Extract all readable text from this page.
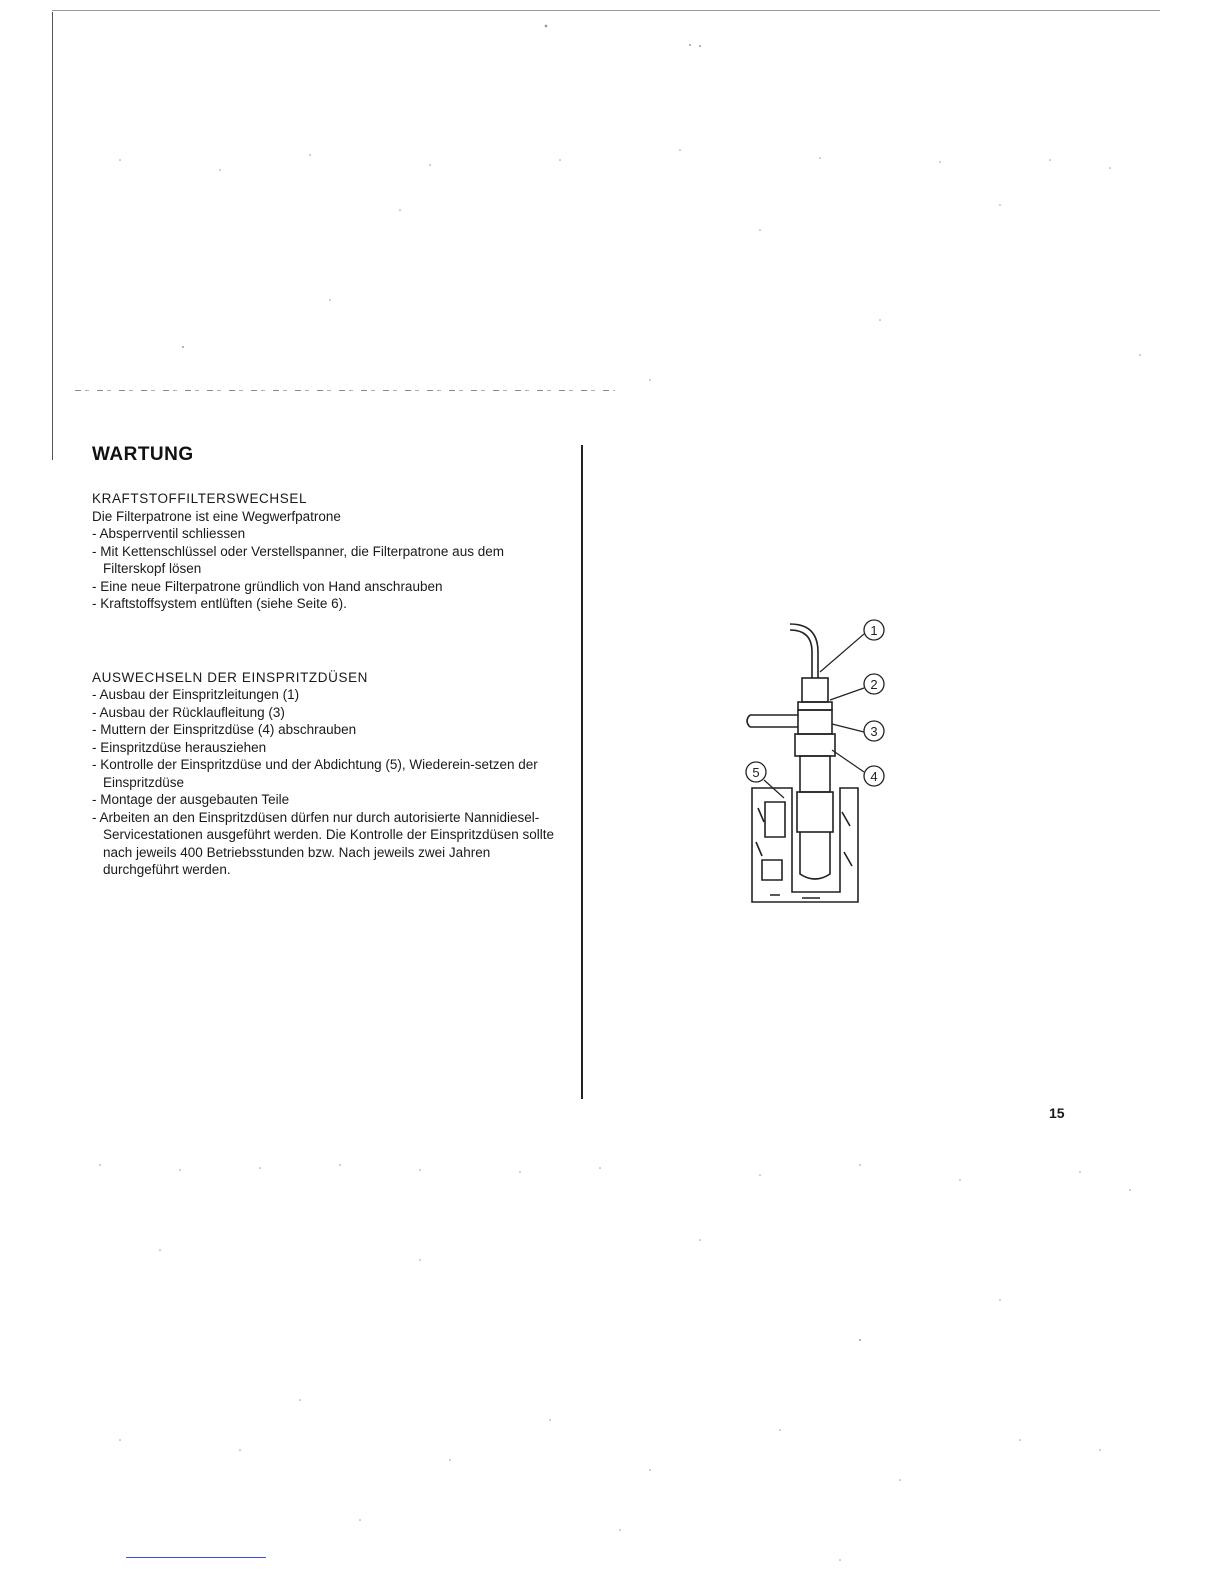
WARTUNG

KRAFTSTOFFILTERSWECHSEL

Die Filterpatrone ist eine Wegwerfpatrone

- Absperrventil schliessen
- Mit Kettenschlüssel oder Verstellspanner, die Filterpatrone aus dem Filterskopf lösen
- Eine neue Filterpatrone gründlich von Hand anschrauben
- Kraftstoffsystem entlüften (siehe Seite 6).

AUSWECHSELN DER EINSPRITZDÜSEN

- Ausbau der Einspritzleitungen (1)
- Ausbau der Rücklaufleitung (3)
- Muttern der Einspritzdüse (4) abschrauben
- Einspritzdüse herausziehen
- Kontrolle der Einspritzdüse und der Abdichtung (5), Wiederein-setzen der Einspritzdüse
- Montage der ausgebauten Teile
- Arbeiten an den Einspritzdüsen dürfen nur durch autorisierte Nannidiesel-Servicestationen ausgeführt werden. Die Kontrolle der Einspritzdüsen sollte nach jeweils 400 Betriebsstunden bzw. Nach jeweils zwei Jahren durchgeführt werden.
1
2
3
4
5
15
